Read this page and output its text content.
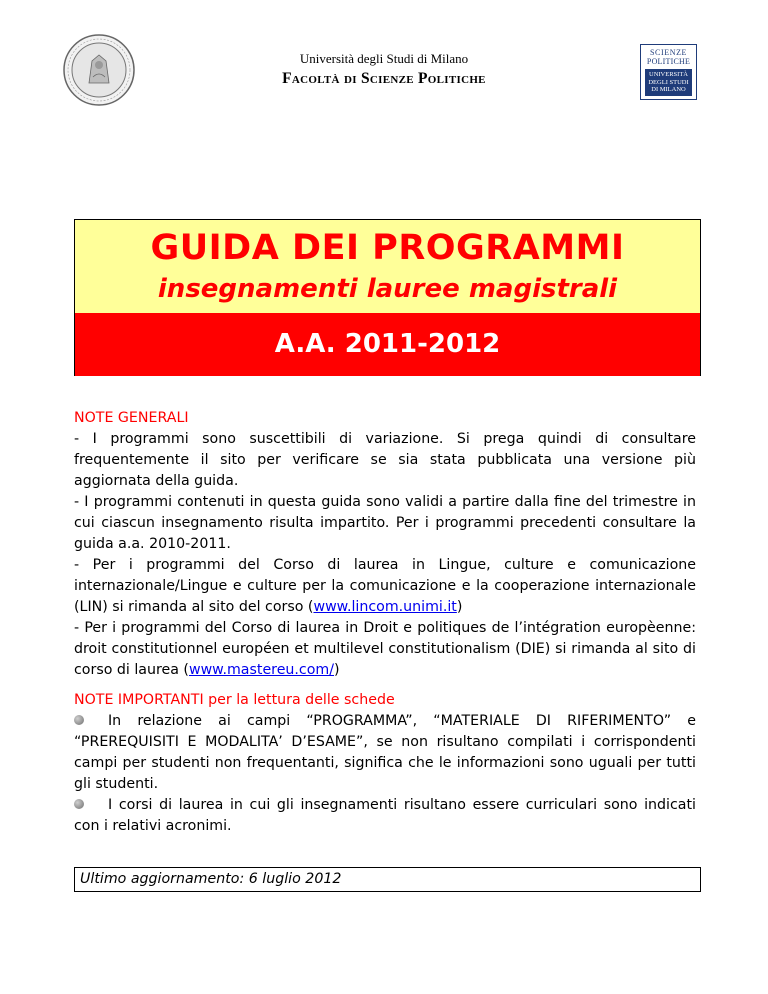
Università degli Studi di Milano
Facoltà di Scienze Politiche
SCIENZE
POLITICHE
UNIVERSITÀ
DEGLI STUDI
DI MILANO
GUIDA DEI PROGRAMMI
insegnamenti lauree magistrali
A.A. 2011-2012

NOTE GENERALI

- I programmi sono suscettibili di variazione. Si prega quindi di consultare frequentemente il sito per verificare se sia stata pubblicata una versione più aggiornata della guida.

- I programmi contenuti in questa guida sono validi a partire dalla fine del trimestre in cui ciascun insegnamento risulta impartito. Per i programmi precedenti consultare la guida a.a. 2010-2011.

- Per i programmi del Corso di laurea in Lingue, culture e comunicazione internazionale/Lingue e culture per la comunicazione e la cooperazione internazionale (LIN) si rimanda al sito del corso (www.lincom.unimi.it)

- Per i programmi del Corso di laurea in Droit e politiques de l’intégration europèenne: droit constitutionnel européen et multilevel constitutionalism (DIE) si rimanda al sito di corso di laurea (www.mastereu.com/)

NOTE IMPORTANTI per la lettura delle schede

In relazione ai campi “PROGRAMMA”, “MATERIALE DI RIFERIMENTO” e “PREREQUISITI E MODALITA’ D’ESAME”, se non risultano compilati i corrispondenti campi per studenti non frequentanti, significa che le informazioni sono uguali per tutti gli studenti.

I corsi di laurea in cui gli insegnamenti risultano essere curriculari sono indicati con i relativi acronimi.

Ultimo aggiornamento: 6 luglio 2012
